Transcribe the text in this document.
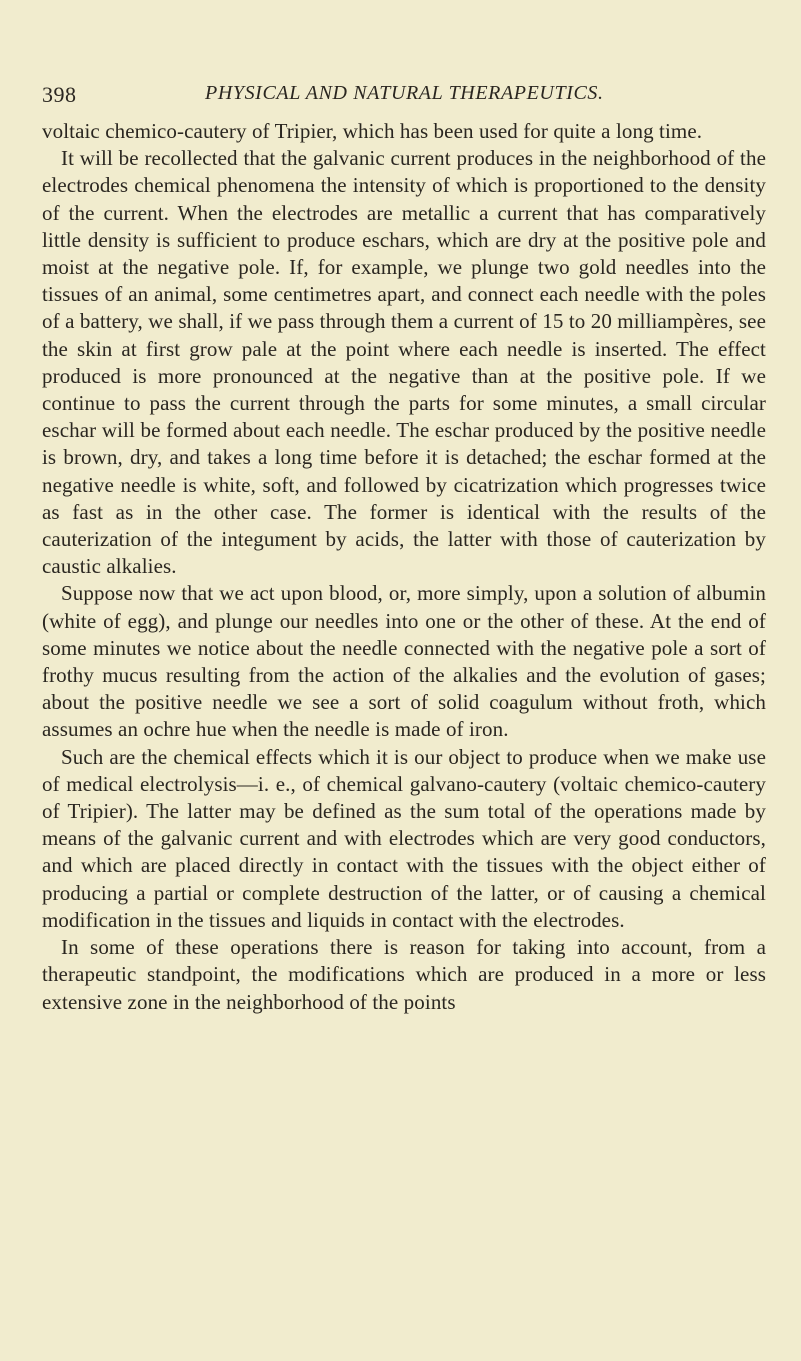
398	PHYSICAL AND NATURAL THERAPEUTICS.

voltaic chemico-cautery of Tripier, which has been used for quite a long time.

It will be recollected that the galvanic current produces in the neighborhood of the electrodes chemical phenomena the intensity of which is proportioned to the density of the current. When the electrodes are metallic a current that has comparatively little density is sufficient to produce eschars, which are dry at the positive pole and moist at the negative pole. If, for example, we plunge two gold needles into the tissues of an animal, some centimetres apart, and connect each needle with the poles of a battery, we shall, if we pass through them a current of 15 to 20 milliampères, see the skin at first grow pale at the point where each needle is inserted. The effect produced is more pronounced at the negative than at the positive pole. If we continue to pass the current through the parts for some minutes, a small circular eschar will be formed about each needle. The eschar produced by the positive needle is brown, dry, and takes a long time before it is detached; the eschar formed at the negative needle is white, soft, and followed by cicatrization which progresses twice as fast as in the other case. The former is identical with the results of the cauterization of the integument by acids, the latter with those of cauterization by caustic alkalies.

Suppose now that we act upon blood, or, more simply, upon a solution of albumin (white of egg), and plunge our needles into one or the other of these. At the end of some minutes we notice about the needle connected with the negative pole a sort of frothy mucus resulting from the action of the alkalies and the evolution of gases; about the positive needle we see a sort of solid coagulum without froth, which assumes an ochre hue when the needle is made of iron.

Such are the chemical effects which it is our object to produce when we make use of medical electrolysis—i. e., of chemical galvano-cautery (voltaic chemico-cautery of Tripier). The latter may be defined as the sum total of the operations made by means of the galvanic current and with electrodes which are very good conductors, and which are placed directly in contact with the tissues with the object either of producing a partial or complete destruction of the latter, or of causing a chemical modification in the tissues and liquids in contact with the electrodes.

In some of these operations there is reason for taking into account, from a therapeutic standpoint, the modifications which are produced in a more or less extensive zone in the neighborhood of the points
